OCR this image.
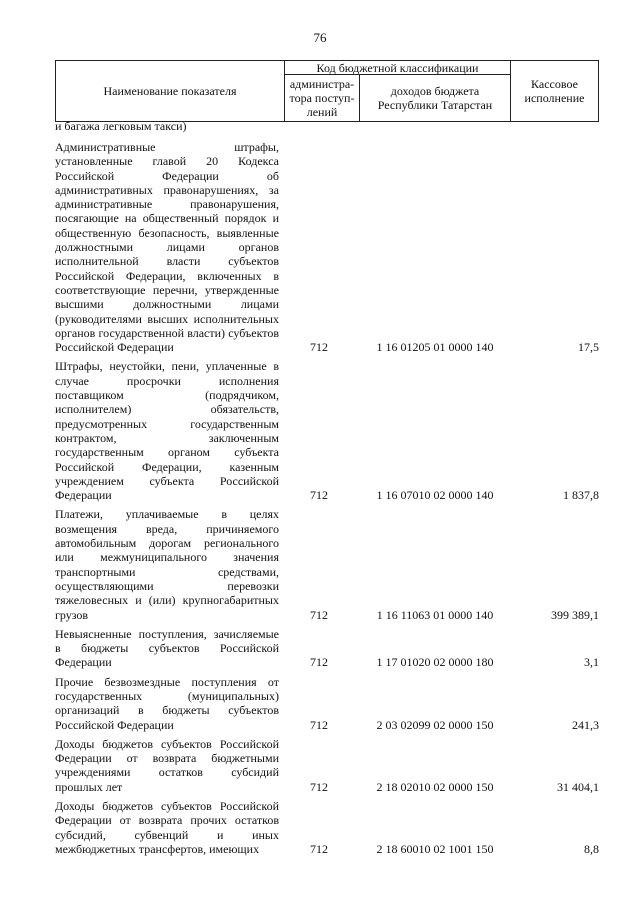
76
Наименование показателя
Код бюджетной классификации
администра-тора поступ-лений
доходов бюджета Республики Татарстан
Кассовое исполнение
и багажа легковым такси)
Административные штрафы, установленные главой 20 Кодекса Российской Федерации об административных правонарушениях, за административные правонарушения, посягающие на общественный порядок и общественную безопасность, выявленные должностными лицами органов исполнительной власти субъектов Российской Федерации, включенных в соответствующие перечни, утвержденные высшими должностными лицами (руководителями высших исполнительных органов государственной власти) субъектов Российской Федерации	712	1 16 01205 01 0000 140	17,5
Штрафы, неустойки, пени, уплаченные в случае просрочки исполнения поставщиком (подрядчиком, исполнителем) обязательств, предусмотренных государственным контрактом, заключенным государственным органом субъекта Российской Федерации, казенным учреждением субъекта Российской Федерации	712	1 16 07010 02 0000 140	1 837,8
Платежи, уплачиваемые в целях возмещения вреда, причиняемого автомобильным дорогам регионального или межмуниципального значения транспортными средствами, осуществляющими перевозки тяжеловесных и (или) крупногабаритных грузов	712	1 16 11063 01 0000 140	399 389,1
Невыясненные поступления, зачисляемые в бюджеты субъектов Российской Федерации	712	1 17 01020 02 0000 180	3,1
Прочие безвозмездные поступления от государственных (муниципальных) организаций в бюджеты субъектов Российской Федерации	712	2 03 02099 02 0000 150	241,3
Доходы бюджетов субъектов Российской Федерации от возврата бюджетными учреждениями остатков субсидий прошлых лет	712	2 18 02010 02 0000 150	31 404,1
Доходы бюджетов субъектов Российской Федерации от возврата прочих остатков субсидий, субвенций и иных межбюджетных трансфертов, имеющих	712	2 18 60010 02 1001 150	8,8
